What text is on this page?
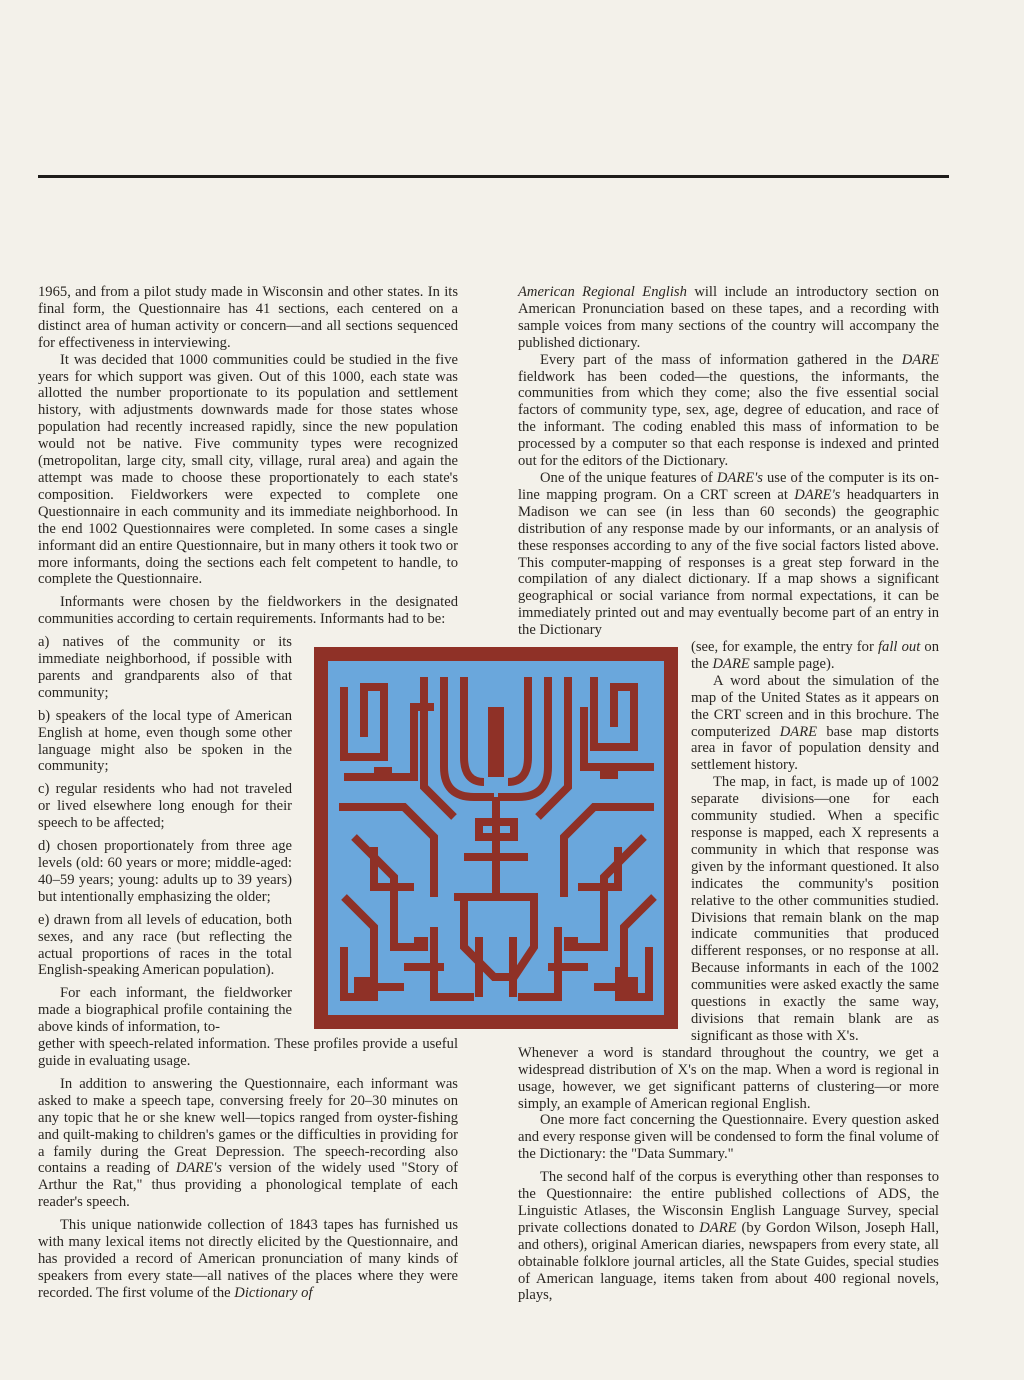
1965, and from a pilot study made in Wisconsin and other states. In its final form, the Questionnaire has 41 sections, each centered on a distinct area of human activity or concern—and all sections sequenced for effectiveness in interviewing.

It was decided that 1000 communities could be studied in the five years for which support was given. Out of this 1000, each state was allotted the number proportionate to its population and settlement history, with adjustments downwards made for those states whose population had recently increased rapidly, since the new population would not be native. Five community types were recognized (metropolitan, large city, small city, village, rural area) and again the attempt was made to choose these proportionately to each state's composition. Fieldworkers were expected to complete one Questionnaire in each community and its immediate neighborhood. In the end 1002 Questionnaires were completed. In some cases a single informant did an entire Questionnaire, but in many others it took two or more informants, doing the sections each felt competent to handle, to complete the Questionnaire.

Informants were chosen by the fieldworkers in the designated communities according to certain requirements. Informants had to be:

a) natives of the community or its immediate neighborhood, if possible with parents and grandparents also of that community;

b) speakers of the local type of American English at home, even though some other language might also be spoken in the community;

c) regular residents who had not traveled or lived elsewhere long enough for their speech to be affected;

d) chosen proportionately from three age levels (old: 60 years or more; middle-aged: 40–59 years; young: adults up to 39 years) but intentionally emphasizing the older;

e) drawn from all levels of education, both sexes, and any race (but reflecting the actual proportions of races in the total English-speaking American population).

For each informant, the fieldworker made a biographical profile containing the above kinds of information, to-

gether with speech-related information. These profiles provide a useful guide in evaluating usage.

In addition to answering the Questionnaire, each informant was asked to make a speech tape, conversing freely for 20–30 minutes on any topic that he or she knew well—topics ranged from oyster-fishing and quilt-making to children's games or the difficulties in providing for a family during the Great Depression. The speech-recording also contains a reading of DARE's version of the widely used "Story of Arthur the Rat," thus providing a phonological template of each reader's speech.

This unique nationwide collection of 1843 tapes has furnished us with many lexical items not directly elicited by the Questionnaire, and has provided a record of American pronunciation of many kinds of speakers from every state—all natives of the places where they were recorded. The first volume of the Dictionary of

American Regional English will include an introductory section on American Pronunciation based on these tapes, and a recording with sample voices from many sections of the country will accompany the published dictionary.

Every part of the mass of information gathered in the DARE fieldwork has been coded—the questions, the informants, the communities from which they come; also the five essential social factors of community type, sex, age, degree of education, and race of the informant. The coding enabled this mass of information to be processed by a computer so that each response is indexed and printed out for the editors of the Dictionary.

One of the unique features of DARE's use of the computer is its on-line mapping program. On a CRT screen at DARE's headquarters in Madison we can see (in less than 60 seconds) the geographic distribution of any response made by our informants, or an analysis of these responses according to any of the five social factors listed above. This computer-mapping of responses is a great step forward in the compilation of any dialect dictionary. If a map shows a significant geographical or social variance from normal expectations, it can be immediately printed out and may eventually become part of an entry in the Dictionary

(see, for example, the entry for fall out on the DARE sample page).

A word about the simulation of the map of the United States as it appears on the CRT screen and in this brochure. The computerized DARE base map distorts area in favor of population density and settlement history.

The map, in fact, is made up of 1002 separate divisions—one for each community studied. When a specific response is mapped, each X represents a community in which that response was given by the informant questioned. It also indicates the community's position relative to the other communities studied. Divisions that remain blank on the map indicate communities that produced different responses, or no response at all. Because informants in each of the 1002 communities were asked exactly the same questions in exactly the same way, divisions that remain blank are as significant as those with X's.

Whenever a word is standard throughout the country, we get a widespread distribution of X's on the map. When a word is regional in usage, however, we get significant patterns of clustering—or more simply, an example of American regional English.

One more fact concerning the Questionnaire. Every question asked and every response given will be condensed to form the final volume of the Dictionary: the "Data Summary."

The second half of the corpus is everything other than responses to the Questionnaire: the entire published collections of ADS, the Linguistic Atlases, the Wisconsin English Language Survey, special private collections donated to DARE (by Gordon Wilson, Joseph Hall, and others), original American diaries, newspapers from every state, all obtainable folklore journal articles, all the State Guides, special studies of American language, items taken from about 400 regional novels, plays,
